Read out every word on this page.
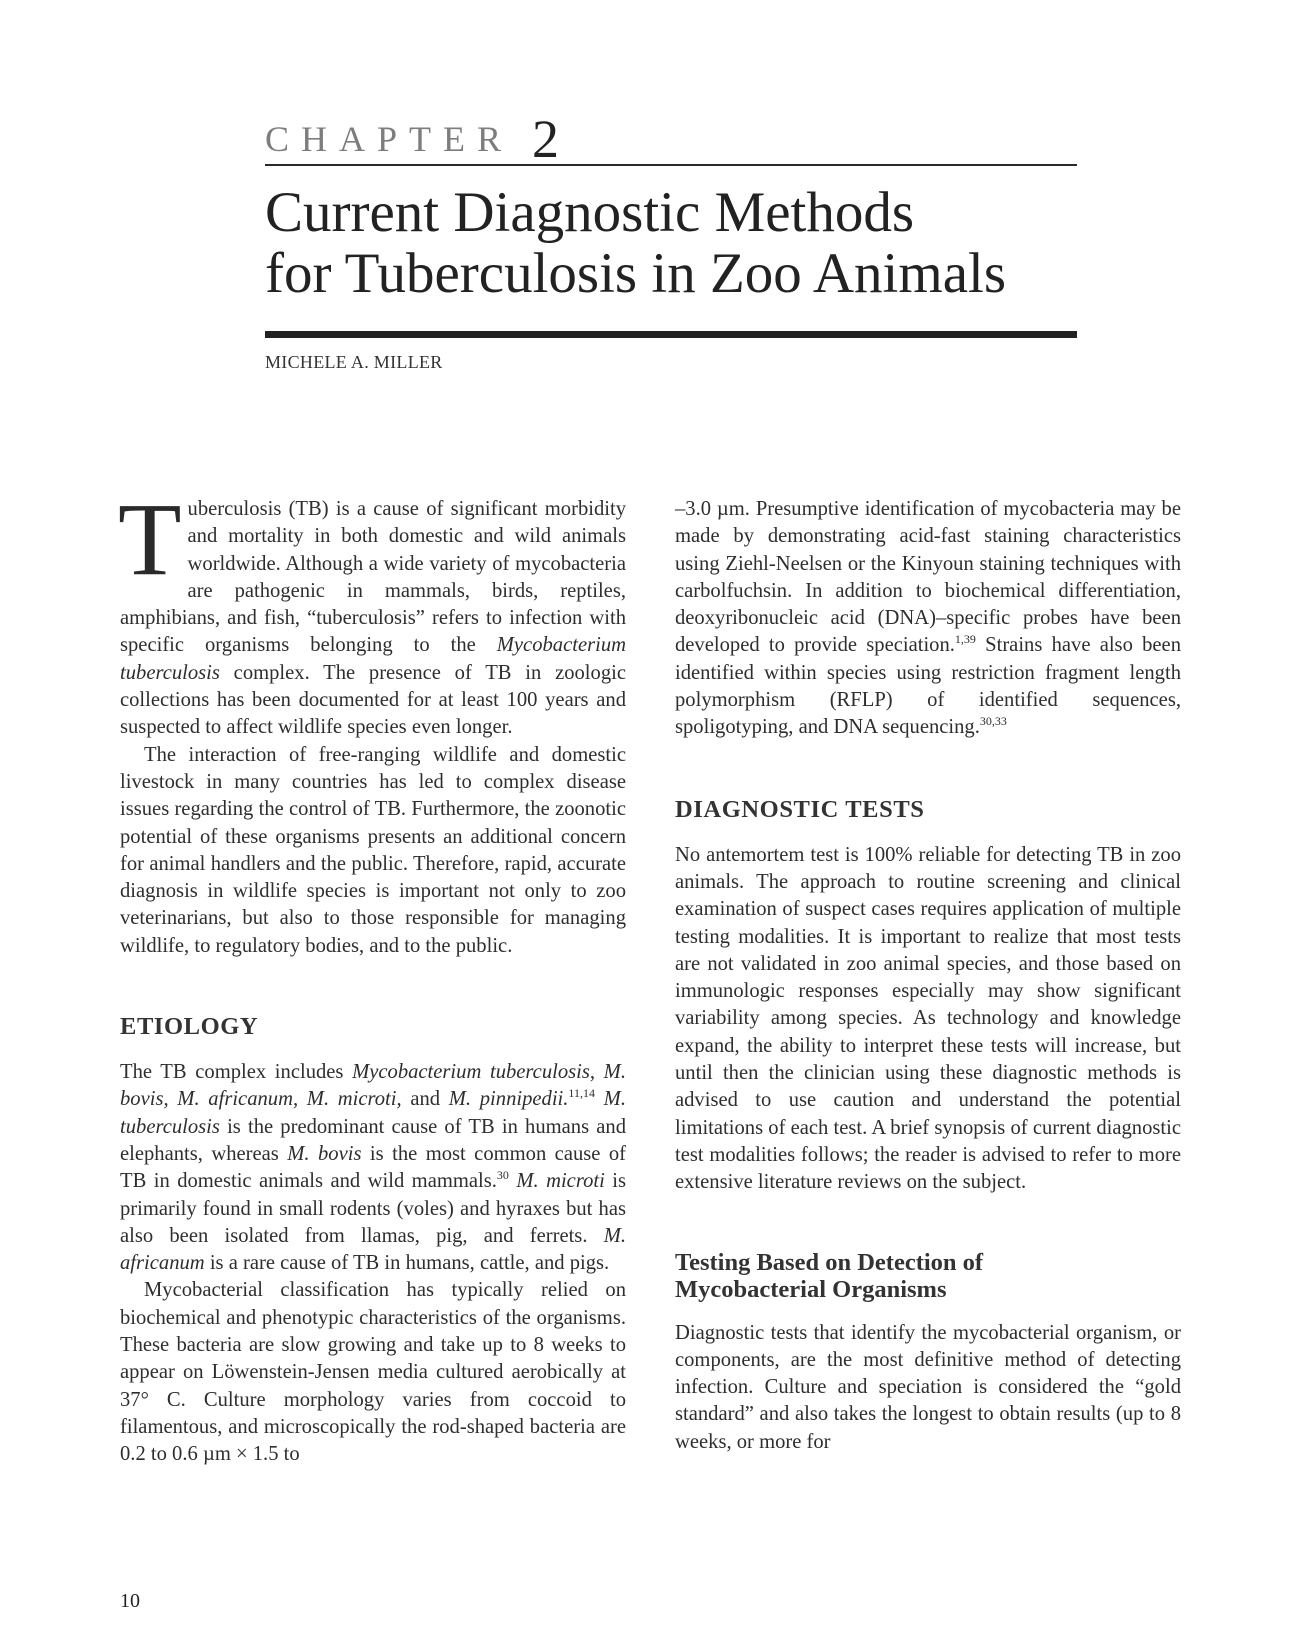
CHAPTER 2
Current Diagnostic Methods
for Tuberculosis in Zoo Animals
MICHELE A. MILLER

Tuberculosis (TB) is a cause of significant morbidity and mortality in both domestic and wild animals worldwide. Although a wide variety of mycobacteria are pathogenic in mammals, birds, reptiles, amphibians, and fish, “tuberculosis” refers to infection with specific organisms belonging to the Mycobacterium tuberculosis complex. The presence of TB in zoologic collections has been documented for at least 100 years and suspected to affect wildlife species even longer.

The interaction of free-ranging wildlife and domestic livestock in many countries has led to complex disease issues regarding the control of TB. Furthermore, the zoonotic potential of these organisms presents an additional concern for animal handlers and the public. Therefore, rapid, accurate diagnosis in wildlife species is important not only to zoo veterinarians, but also to those responsible for managing wildlife, to regulatory bodies, and to the public.

ETIOLOGY

The TB complex includes Mycobacterium tuberculosis, M. bovis, M. africanum, M. microti, and M. pinnipedii.$^{11,14}$ M. tuberculosis is the predominant cause of TB in humans and elephants, whereas M. bovis is the most common cause of TB in domestic animals and wild mammals.$^{30}$ M. microti is primarily found in small rodents (voles) and hyraxes but has also been isolated from llamas, pig, and ferrets. M. africanum is a rare cause of TB in humans, cattle, and pigs.

Mycobacterial classification has typically relied on biochemical and phenotypic characteristics of the organisms. These bacteria are slow growing and take up to 8 weeks to appear on Löwenstein-Jensen media cultured aerobically at 37° C. Culture morphology varies from coccoid to filamentous, and microscopically the rod-shaped bacteria are 0.2 to 0.6 µm × 1.5 to

–3.0 µm. Presumptive identification of mycobacteria may be made by demonstrating acid-fast staining characteristics using Ziehl-Neelsen or the Kinyoun staining techniques with carbolfuchsin. In addition to biochemical differentiation, deoxyribonucleic acid (DNA)–specific probes have been developed to provide speciation.$^{1,39}$ Strains have also been identified within species using restriction fragment length polymorphism (RFLP) of identified sequences, spoligotyping, and DNA sequencing.$^{30,33}$

DIAGNOSTIC TESTS

No antemortem test is 100% reliable for detecting TB in zoo animals. The approach to routine screening and clinical examination of suspect cases requires application of multiple testing modalities. It is important to realize that most tests are not validated in zoo animal species, and those based on immunologic responses especially may show significant variability among species. As technology and knowledge expand, the ability to interpret these tests will increase, but until then the clinician using these diagnostic methods is advised to use caution and understand the potential limitations of each test. A brief synopsis of current diagnostic test modalities follows; the reader is advised to refer to more extensive literature reviews on the subject.

Testing Based on Detection of
Mycobacterial Organisms

Diagnostic tests that identify the mycobacterial organism, or components, are the most definitive method of detecting infection. Culture and speciation is considered the “gold standard” and also takes the longest to obtain results (up to 8 weeks, or more for

10
